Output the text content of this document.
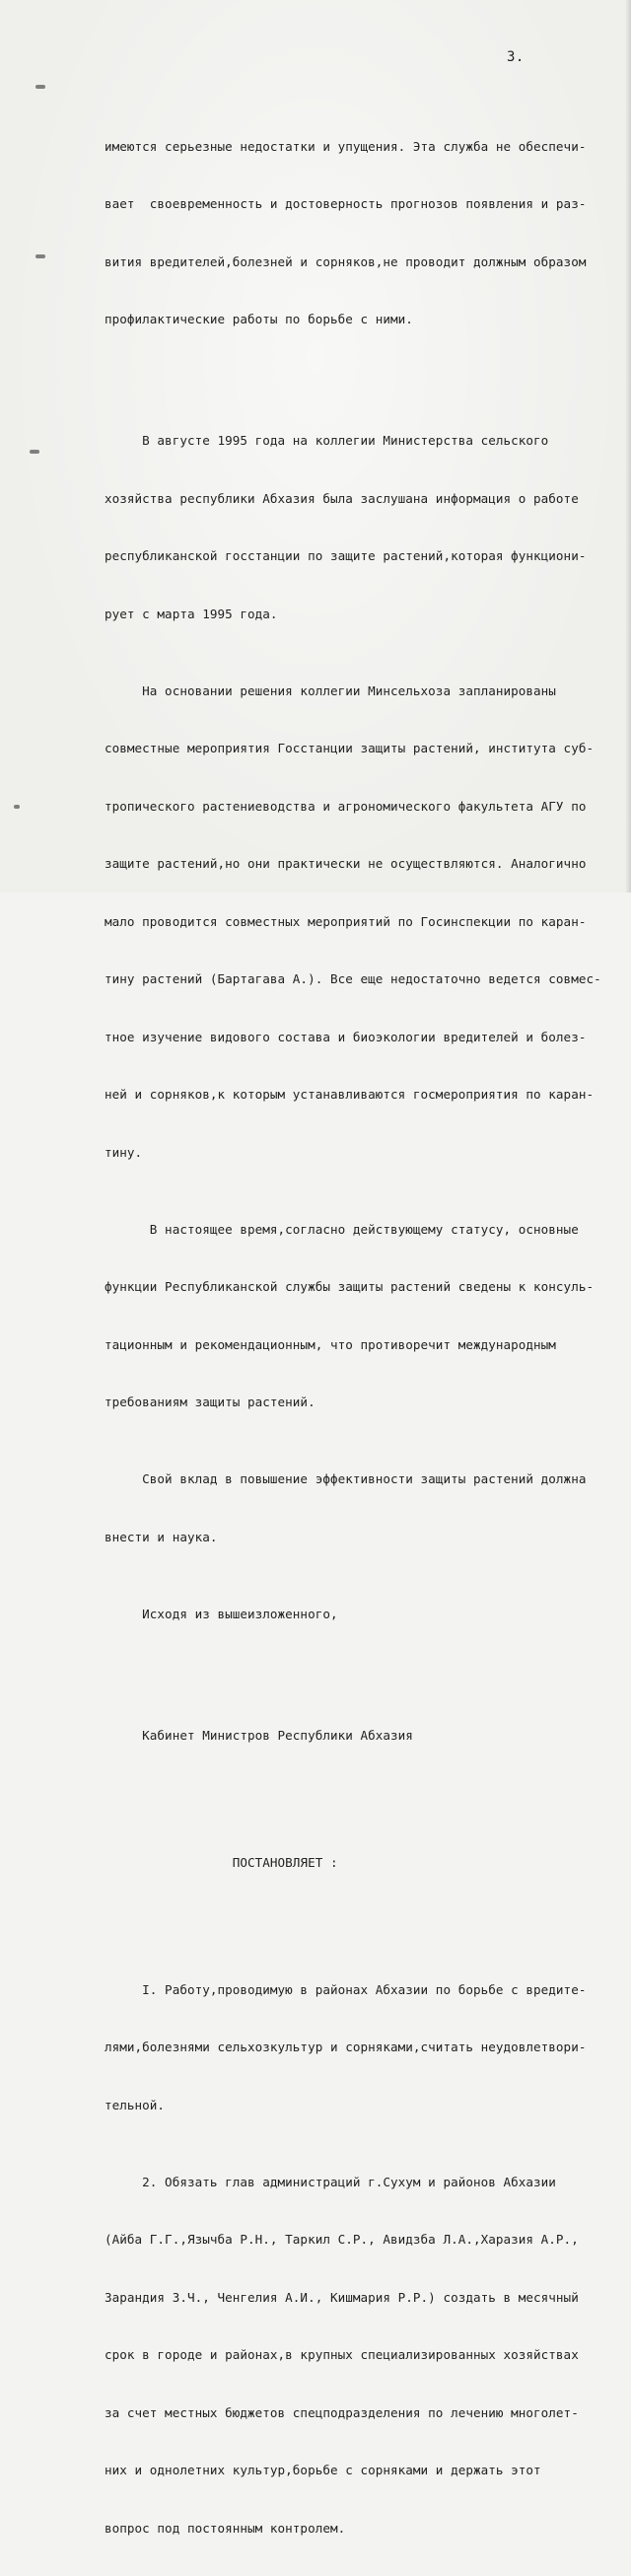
3.

имеются серьезные недостатки и упущения. Эта служба не обеспечи-

вает  своевременность и достоверность прогнозов появления и раз-

вития вредителей,болезней и сорняков,не проводит должным образом

профилактические работы по борьбе с ними.

В августе 1995 года на коллегии Министерства сельского

хозяйства республики Абхазия была заслушана информация о работе

республиканской госстанции по защите растений,которая функциони-

рует с марта 1995 года.

На основании решения коллегии Минсельхоза запланированы

совместные мероприятия Госстанции защиты растений, института суб-

тропического растениеводства и агрономического факультета АГУ по

защите растений,но они практически не осуществляются. Аналогично

мало проводится совместных мероприятий по Госинспекции по каран-

тину растений (Бартагава А.). Все еще недостаточно ведется совмес-

тное изучение видового состава и биоэкологии вредителей и болез-

ней и сорняков,к которым устанавливаются госмероприятия по каран-

тину.

В настоящее время,согласно действующему статусу, основные

функции Республиканской службы защиты растений сведены к консуль-

тационным и рекомендационным, что противоречит международным

требованиям защиты растений.

Свой вклад в повышение эффективности защиты растений должна

внести и наука.

Исходя из вышеизложенного,

Кабинет Министров Республики Абхазия

ПОСТАНОВЛЯЕТ :

I. Работу,проводимую в районах Абхазии по борьбе с вредите-

лями,болезнями сельхозкультур и сорняками,считать неудовлетвори-

тельной.

2. Обязать глав администраций г.Сухум и районов Абхазии

(Айба Г.Г.,Язычба Р.Н., Таркил С.Р., Авидзба Л.А.,Харазия А.Р.,

Зарандия З.Ч., Ченгелия А.И., Кишмария Р.Р.) создать в месячный

срок в городе и районах,в крупных специализированных хозяйствах

за счет местных бюджетов спецподразделения по лечению многолет-

них и однолетних культур,борьбе с сорняками и держать этот

вопрос под постоянным контролем.
